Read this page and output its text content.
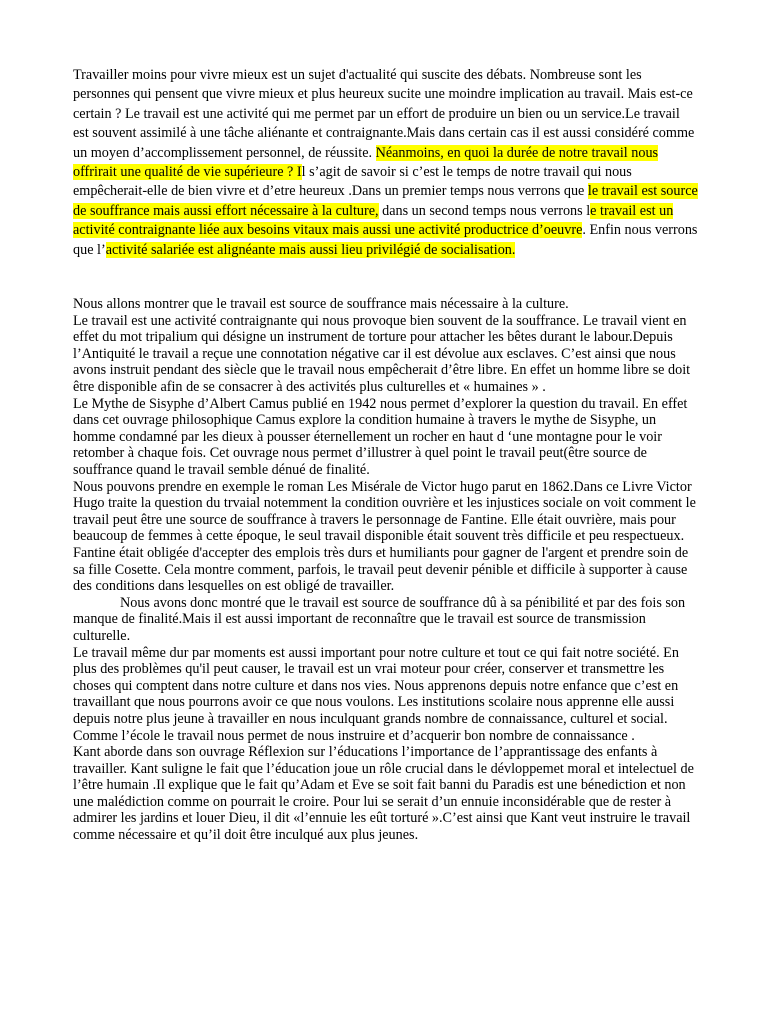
Travailler moins pour vivre mieux est un sujet d'actualité qui suscite des débats. Nombreuse sont les personnes qui pensent que vivre mieux et plus heureux sucite une moindre implication au travail. Mais est-ce certain ? Le travail est une activité qui me permet par un effort de produire un bien ou un service.Le travail est souvent assimilé à une tâche aliénante et contraignante.Mais dans certain cas il est aussi considéré comme un moyen d’accomplissement personnel, de réussite. Néanmoins, en quoi la durée de notre travail nous offrirait une qualité de vie supérieure ? Il s’agit de savoir si c’est le temps de notre travail qui nous empêcherait-elle de bien vivre et d’etre heureux .Dans un premier temps nous verrons que le travail est source de souffrance mais aussi effort nécessaire à la culture, dans un second temps nous verrons le travail est un activité contraignante liée aux besoins vitaux mais aussi une activité productrice d’oeuvre. Enfin nous verrons que l’activité salariée est alignéante mais aussi lieu privilégié de socialisation.

Nous allons montrer que le travail est source de souffrance mais nécessaire à la culture.

Le travail est une activité contraignante qui nous provoque bien souvent de la souffrance. Le travail vient en effet du mot tripalium qui désigne un instrument de torture pour attacher les bêtes durant le labour.Depuis l’Antiquité le travail a reçue une connotation négative car il est dévolue aux esclaves. C’est ainsi que nous avons instruit pendant des siècle que le travail nous empêcherait d’être libre. En effet un homme libre se doit être disponible afin de se consacrer à des activités plus culturelles et « humaines » .

Le Mythe de Sisyphe d’Albert Camus publié en 1942 nous permet d’explorer la question du travail. En effet dans cet ouvrage philosophique Camus explore la condition humaine à travers le mythe de Sisyphe, un homme condamné par les dieux à pousser éternellement un rocher en haut d ‘une montagne pour le voir retomber à chaque fois. Cet ouvrage nous permet d’illustrer à quel point le travail peut(être source de souffrance quand le travail semble dénué de finalité.

Nous pouvons prendre en exemple le roman Les Misérale de Victor hugo parut en 1862.Dans ce Livre Victor Hugo traite la question du trvaial notemment la condition ouvrière et les injustices sociale on voit comment le travail peut être une source de souffrance à travers le personnage de Fantine. Elle était ouvrière, mais pour beaucoup de femmes à cette époque, le seul travail disponible était souvent très difficile et peu respectueux. Fantine était obligée d'accepter des emplois très durs et humiliants pour gagner de l'argent et prendre soin de sa fille Cosette. Cela montre comment, parfois, le travail peut devenir pénible et difficile à supporter à cause des conditions dans lesquelles on est obligé de travailler.

Nous avons donc montré que le travail est source de souffrance dû à sa pénibilité et par des fois son manque de finalité.Mais il est aussi important de reconnaître que le travail est source de transmission culturelle.

Le travail même dur par moments est aussi important pour notre culture et tout ce qui fait notre société. En plus des problèmes qu'il peut causer, le travail est un vrai moteur pour créer, conserver et transmettre les choses qui comptent dans notre culture et dans nos vies. Nous apprenons depuis notre enfance que c’est en travaillant que nous pourrons avoir ce que nous voulons. Les institutions scolaire nous apprenne elle aussi depuis notre plus jeune à travailler en nous inculquant grands nombre de connaissance, culturel et social. Comme l’école le travail nous permet de nous instruire et d’acquerir bon nombre de connaissance .

Kant aborde dans son ouvrage Réflexion sur l’éducations l’importance de l’apprantissage des enfants à travailler. Kant suligne le fait que l’éducation joue un rôle crucial dans le dévloppemet moral et intelectuel de l’être humain .Il explique que le fait qu’Adam et Eve se soit fait banni du Paradis est une bénediction et non une malédiction comme on pourrait le croire. Pour lui se serait d’un ennuie inconsidérable que de rester à admirer les jardins et louer Dieu, il dit «l’ennuie les eût torturé ».C’est ainsi que Kant veut instruire le travail comme nécessaire et qu’il doit être inculqué aux plus jeunes.
